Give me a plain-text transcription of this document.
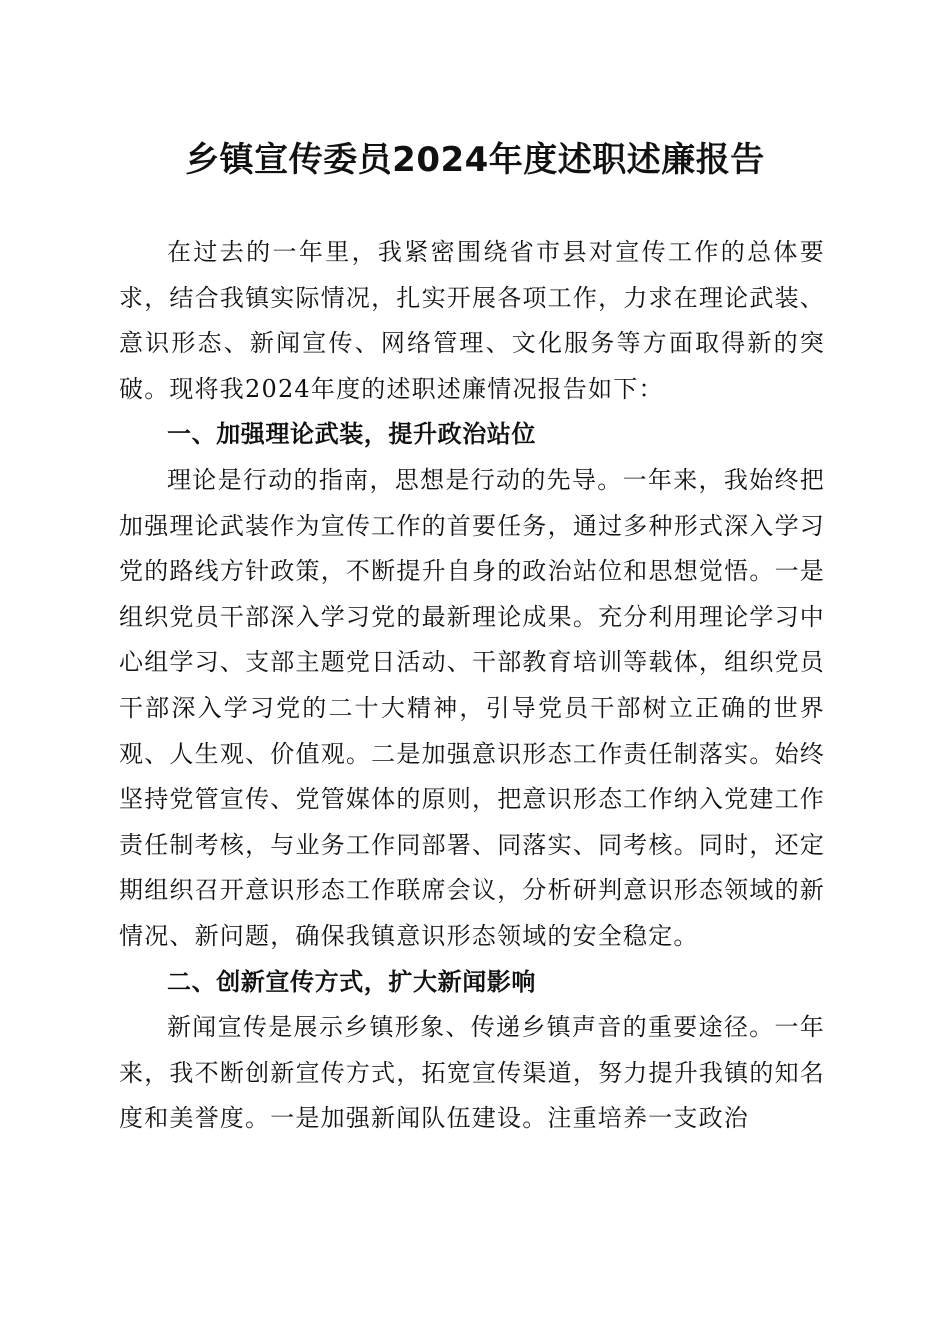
乡镇宣传委员2024年度述职述廉报告

在过去的一年里，我紧密围绕省市县对宣传工作的总体要求，结合我镇实际情况，扎实开展各项工作，力求在理论武装、意识形态、新闻宣传、网络管理、文化服务等方面取得新的突破。现将我2024年度的述职述廉情况报告如下：

一、加强理论武装，提升政治站位

理论是行动的指南，思想是行动的先导。一年来，我始终把加强理论武装作为宣传工作的首要任务，通过多种形式深入学习党的路线方针政策，不断提升自身的政治站位和思想觉悟。一是组织党员干部深入学习党的最新理论成果。充分利用理论学习中心组学习、支部主题党日活动、干部教育培训等载体，组织党员干部深入学习党的二十大精神，引导党员干部树立正确的世界观、人生观、价值观。二是加强意识形态工作责任制落实。始终坚持党管宣传、党管媒体的原则，把意识形态工作纳入党建工作责任制考核，与业务工作同部署、同落实、同考核。同时，还定期组织召开意识形态工作联席会议，分析研判意识形态领域的新情况、新问题，确保我镇意识形态领域的安全稳定。

二、创新宣传方式，扩大新闻影响

新闻宣传是展示乡镇形象、传递乡镇声音的重要途径。一年来，我不断创新宣传方式，拓宽宣传渠道，努力提升我镇的知名度和美誉度。一是加强新闻队伍建设。注重培养一支政治
